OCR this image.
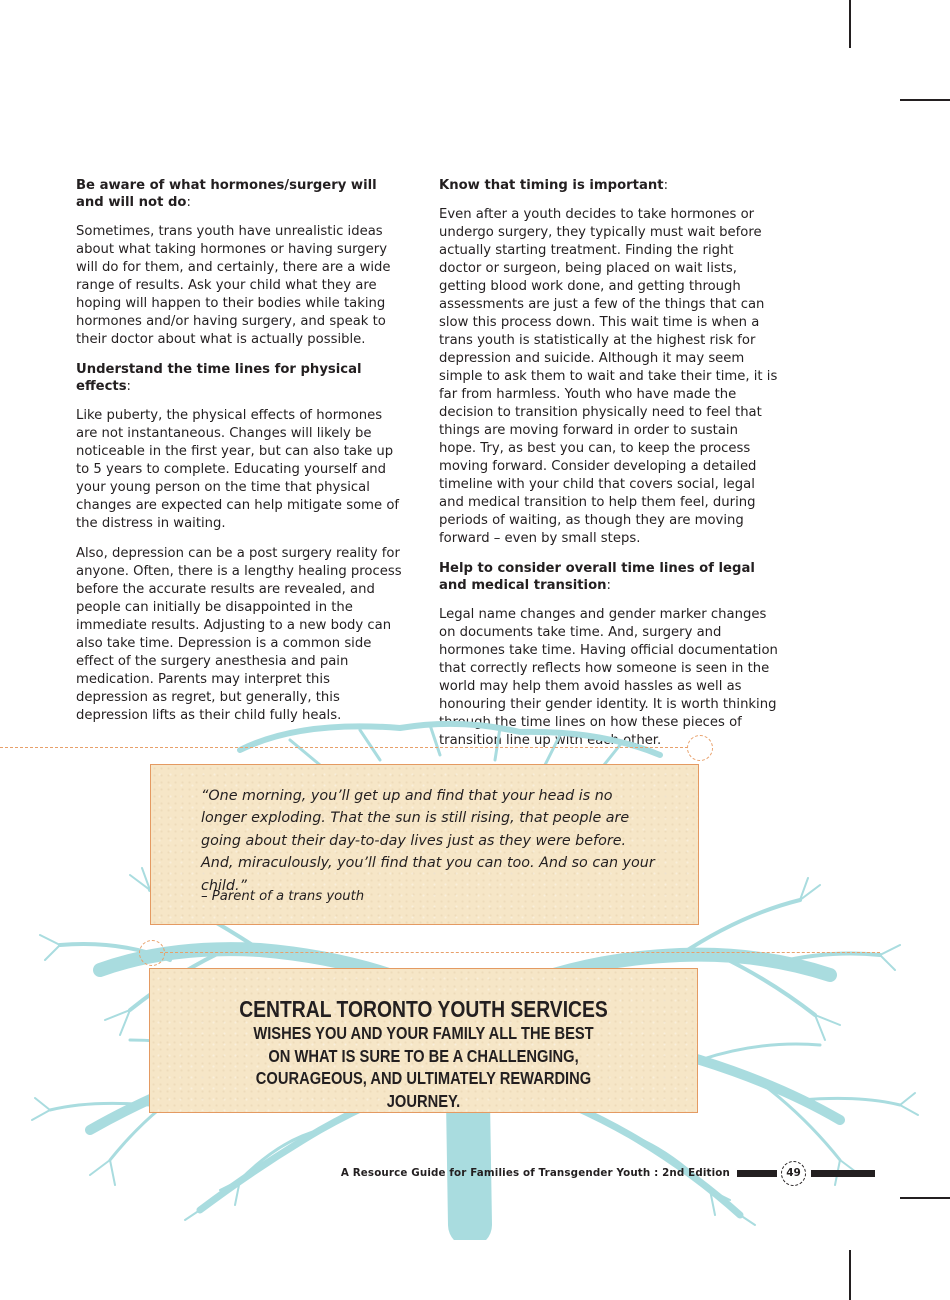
Be aware of what hormones/surgery will and will not do:

Sometimes, trans youth have unrealistic ideas about what taking hormones or having surgery will do for them, and certainly, there are a wide range of results. Ask your child what they are hoping will happen to their bodies while taking hormones and/or having surgery, and speak to their doctor about what is actually possible.

Understand the time lines for physical effects:

Like puberty, the physical effects of hormones are not instantaneous. Changes will likely be noticeable in the first year, but can also take up to 5 years to complete. Educating yourself and your young person on the time that physical changes are expected can help mitigate some of the distress in waiting.

Also, depression can be a post surgery reality for anyone. Often, there is a lengthy healing process before the accurate results are revealed, and people can initially be disappointed in the immediate results. Adjusting to a new body can also take time. Depression is a common side effect of the surgery anesthesia and pain medication. Parents may interpret this depression as regret, but generally, this depression lifts as their child fully heals.

Know that timing is important:

Even after a youth decides to take hormones or undergo surgery, they typically must wait before actually starting treatment. Finding the right doctor or surgeon, being placed on wait lists, getting blood work done, and getting through assessments are just a few of the things that can slow this process down. This wait time is when a trans youth is statistically at the highest risk for depression and suicide. Although it may seem simple to ask them to wait and take their time, it is far from harmless. Youth who have made the decision to transition physically need to feel that things are moving forward in order to sustain hope. Try, as best you can, to keep the process moving forward. Consider developing a detailed timeline with your child that covers social, legal and medical transition to help them feel, during periods of waiting, as though they are moving forward – even by small steps.

Help to consider overall time lines of legal and medical transition:

Legal name changes and gender marker changes on documents take time. And, surgery and hormones take time. Having official documentation that correctly reflects how someone is seen in the world may help them avoid hassles as well as honouring their gender identity. It is worth thinking through the time lines on how these pieces of transition line up with each other.

“One morning, you’ll get up and find that your head is no longer exploding. That the sun is still rising, that people are going about their day-to-day lives just as they were before. And, miraculously, you’ll find that you can too. And so can your child.”

– Parent of a trans youth
CENTRAL TORONTO YOUTH SERVICES
WISHES YOU AND YOUR FAMILY ALL THE BEST ON WHAT IS SURE TO BE A CHALLENGING, COURAGEOUS, AND ULTIMATELY REWARDING JOURNEY.
A Resource Guide for Families of Transgender Youth : 2nd Edition	49
